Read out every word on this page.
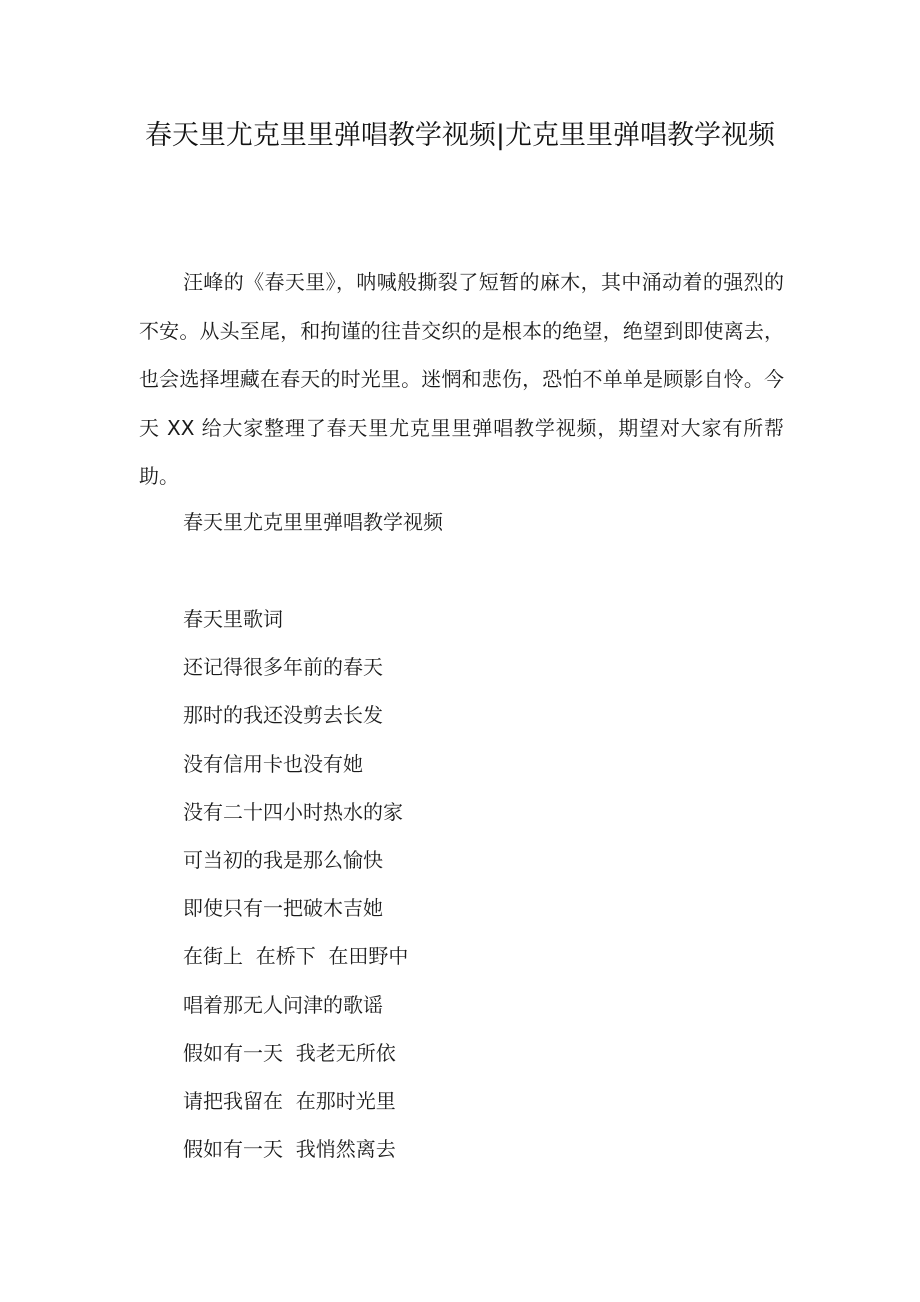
春天里尤克里里弹唱教学视频|尤克里里弹唱教学视频

汪峰的《春天里》，呐喊般撕裂了短暂的麻木，其中涌动着的强烈的不安。从头至尾，和拘谨的往昔交织的是根本的绝望，绝望到即使离去，也会选择埋藏在春天的时光里。迷惘和悲伤，恐怕不单单是顾影自怜。今天 XX 给大家整理了春天里尤克里里弹唱教学视频，期望对大家有所帮助。

春天里尤克里里弹唱教学视频

春天里歌词
还记得很多年前的春天
那时的我还没剪去长发
没有信用卡也没有她
没有二十四小时热水的家
可当初的我是那么愉快
即使只有一把破木吉她
在街上  在桥下  在田野中
唱着那无人问津的歌谣
假如有一天  我老无所依
请把我留在  在那时光里
假如有一天  我悄然离去
